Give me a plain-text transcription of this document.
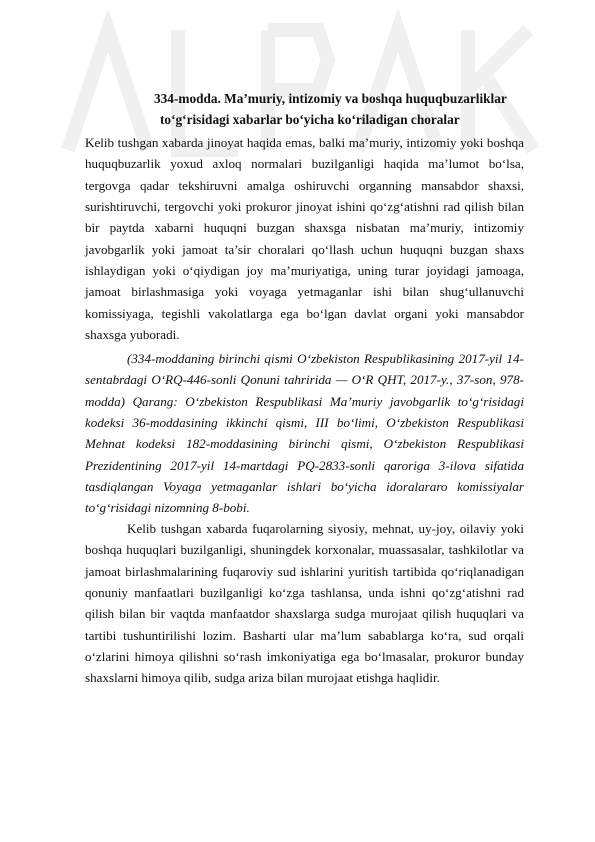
334-modda. Ma’muriy, intizomiy va boshqa huquqbuzarliklar
to‘g‘risidagi xabarlar bo‘yicha ko‘riladigan choralar

Kelib tushgan xabarda jinoyat haqida emas, balki ma’muriy, intizomiy yoki boshqa huquqbuzarlik yoxud axloq normalari buzilganligi haqida ma’lumot bo‘lsa, tergovga qadar tekshiruvni amalga oshiruvchi organning mansabdor shaxsi, surishtiruvchi, tergovchi yoki prokuror jinoyat ishini qo‘zg‘atishni rad qilish bilan bir paytda xabarni huquqni buzgan shaxsga nisbatan ma’muriy, intizomiy javobgarlik yoki jamoat ta’sir choralari qo‘llash uchun huquqni buzgan shaxs ishlaydigan yoki o‘qiydigan joy ma’muriyatiga, uning turar joyidagi jamoaga, jamoat birlashmasiga yoki voyaga yetmaganlar ishi bilan shug‘ullanuvchi komissiyaga, tegishli vakolatlarga ega bo‘lgan davlat organi yoki mansabdor shaxsga yuboradi.

(334-moddaning birinchi qismi O‘zbekiston Respublikasining 2017-yil 14-sentabrdagi O‘RQ-446-sonli Qonuni tahririda — O‘R QHT, 2017-y., 37-son, 978-modda) Qarang: O‘zbekiston Respublikasi Ma’muriy javobgarlik to‘g‘risidagi kodeksi 36-moddasining ikkinchi qismi, III bo‘limi, O‘zbekiston Respublikasi Mehnat kodeksi 182-moddasining birinchi qismi, O‘zbekiston Respublikasi Prezidentining 2017-yil 14-martdagi PQ-2833-sonli qaroriga 3-ilova sifatida tasdiqlangan Voyaga yetmaganlar ishlari bo‘yicha idoralararo komissiyalar to‘g‘risidagi nizomning 8-bobi.

Kelib tushgan xabarda fuqarolarning siyosiy, mehnat, uy-joy, oilaviy yoki boshqa huquqlari buzilganligi, shuningdek korxonalar, muassasalar, tashkilotlar va jamoat birlashmalarining fuqaroviy sud ishlarini yuritish tartibida qo‘riqlanadigan qonuniy manfaatlari buzilganligi ko‘zga tashlansa, unda ishni qo‘zg‘atishni rad qilish bilan bir vaqtda manfaatdor shaxslarga sudga murojaat qilish huquqlari va tartibi tushuntirilishi lozim. Basharti ular ma’lum sabablarga ko‘ra, sud orqali o‘zlarini himoya qilishni so‘rash imkoniyatiga ega bo‘lmasalar, prokuror bunday shaxslarni himoya qilib, sudga ariza bilan murojaat etishga haqlidir.
